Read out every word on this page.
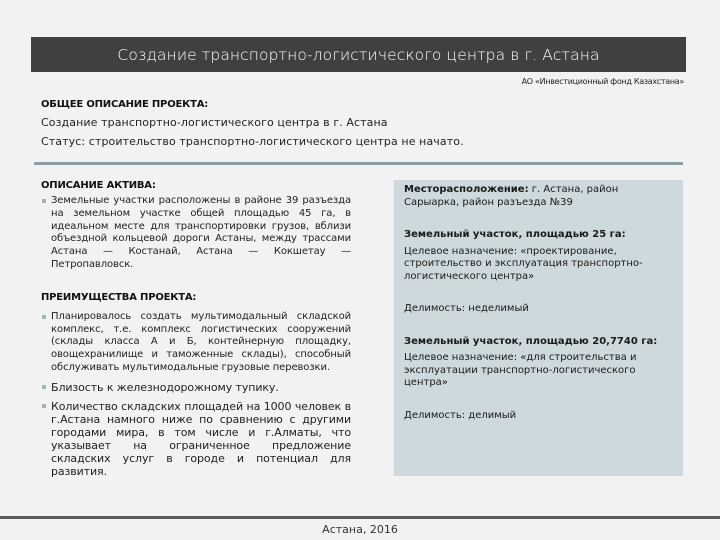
Создание транспортно-логистического центра в г. Астана
АО «Инвестиционный фонд Казахстана»
ОБЩЕЕ ОПИСАНИЕ ПРОЕКТА:
Создание транспортно-логистического центра в г. Астана
Статус: строительство транспортно-логистического центра не начато.
ОПИСАНИЕ АКТИВА:
Земельные участки расположены в районе 39 разъезда на земельном участке общей площадью 45 га, в идеальном месте для транспортировки грузов, вблизи объездной кольцевой дороги Астаны, между трассами Астана — Костанай, Астана — Кокшетау — Петропавловск.
ПРЕИМУЩЕСТВА ПРОЕКТА:
Планировалось создать мультимодальный складской комплекс, т.е. комплекс логистических сооружений (склады класса А и Б, контейнерную площадку, овощехранилище и таможенные склады), способный обслуживать мультимодальные грузовые перевозки.
Близость к железнодорожному тупику.
Количество складских площадей на 1000 человек в г.Астана намного ниже по сравнению с другими городами мира, в том числе и г.Алматы, что указывает на ограниченное предложение складских услуг в городе и потенциал для развития.
Месторасположение: г. Астана, район Сарыарка, район разъезда №39
Земельный участок, площадью 25 га:
Целевое назначение: «проектирование, строительство и эксплуатация транспортно-логистического центра»
Делимость: неделимый
Земельный участок, площадью 20,7740 га:
Целевое назначение: «для строительства и эксплуатации транспортно-логистического центра»
Делимость: делимый
Астана, 2016
